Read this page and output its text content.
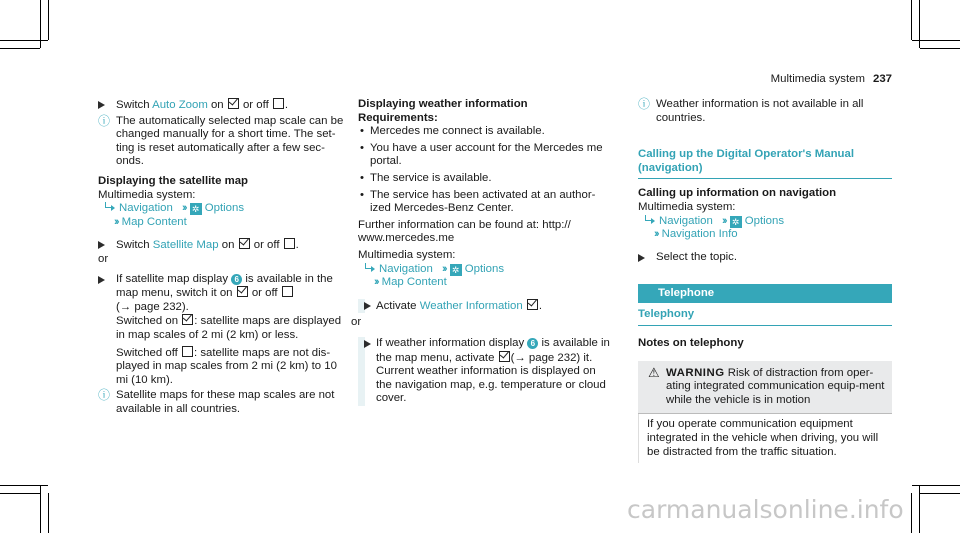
Multimedia system 237
Switch Auto Zoom on  or off .
ⓘ The automatically selected map scale can be changed manually for a short time. The set-ting is reset automatically after a few sec-onds.
Displaying the satellite map
Multimedia system:
Navigation ›› ✲ Options
›› Map Content
Switch Satellite Map on  or off .
or
If satellite map display 6 is available in the map menu, switch it on  or off
(→ page 232).
Switched on : satellite maps are displayed in map scales of 2 mi (2 km) or less.
Switched off : satellite maps are not dis-played in map scales from 2 mi (2 km) to 10 mi (10 km).
ⓘ Satellite maps for these map scales are not available in all countries.
Displaying weather information
Requirements:
• Mercedes me connect is available.
• You have a user account for the Mercedes me portal.
• The service is available.
• The service has been activated at an author-ized Mercedes-Benz Center.
Further information can be found at: http:// www.mercedes.me
Multimedia system:
Navigation ›› ✲ Options
›› Map Content
Activate Weather Information .
or
If weather information display 6 is available in the map menu, activate (→ page 232) it.
Current weather information is displayed on the navigation map, e.g. temperature or cloud cover.
ⓘ Weather information is not available in all countries.
Calling up the Digital Operator's Manual (navigation)
Calling up information on navigation
Multimedia system:
Navigation ›› ✲ Options
›› Navigation Info
Select the topic.
Telephone
Telephony
Notes on telephony
⚠ WARNING Risk of distraction from oper-ating integrated communication equip-ment while the vehicle is in motion
If you operate communication equipment integrated in the vehicle when driving, you will be distracted from the traffic situation.
carmanualsonline.info
